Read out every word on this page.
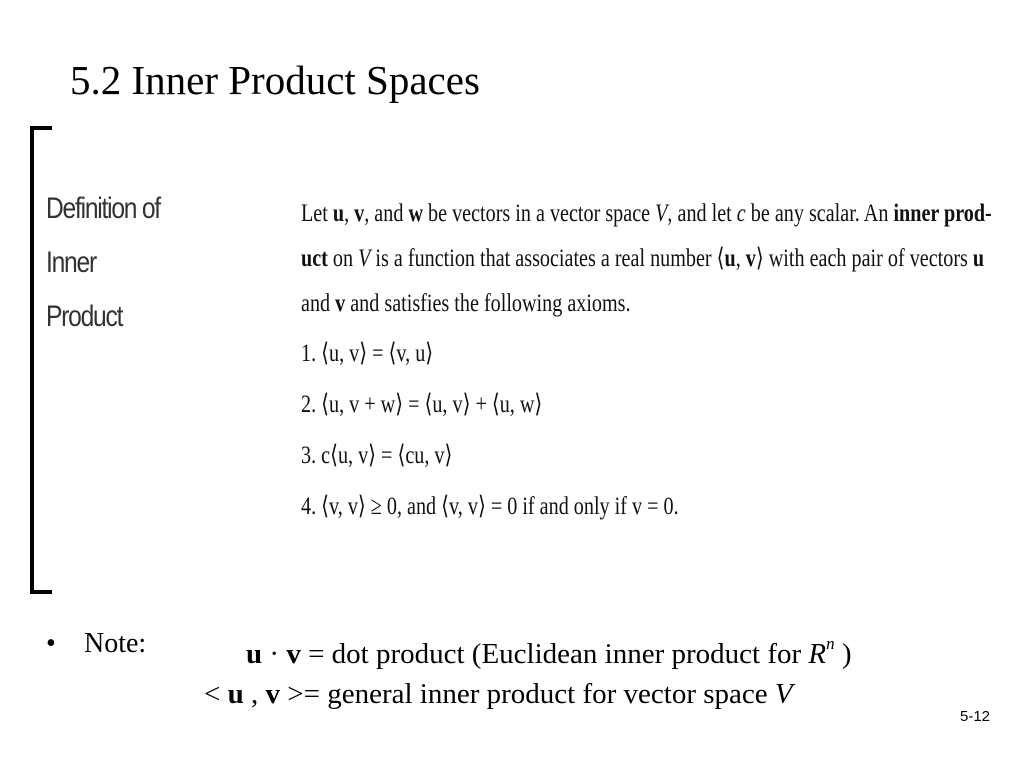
5.2 Inner Product Spaces
Definition of Inner
Product
Let u, v, and w be vectors in a vector space V, and let c be any scalar. An inner prod-
uct on V is a function that associates a real number ⟨u, v⟩ with each pair of vectors u
and v and satisfies the following axioms.
1. ⟨u, v⟩ = ⟨v, u⟩
2. ⟨u, v + w⟩ = ⟨u, v⟩ + ⟨u, w⟩
3. c⟨u, v⟩ = ⟨cu, v⟩
4. ⟨v, v⟩ ≥ 0, and ⟨v, v⟩ = 0 if and only if v = 0.
• Note:	u · v = dot product (Euclidean inner product for $R^n$ )
< u , v >= general inner product for vector space V
5-12
